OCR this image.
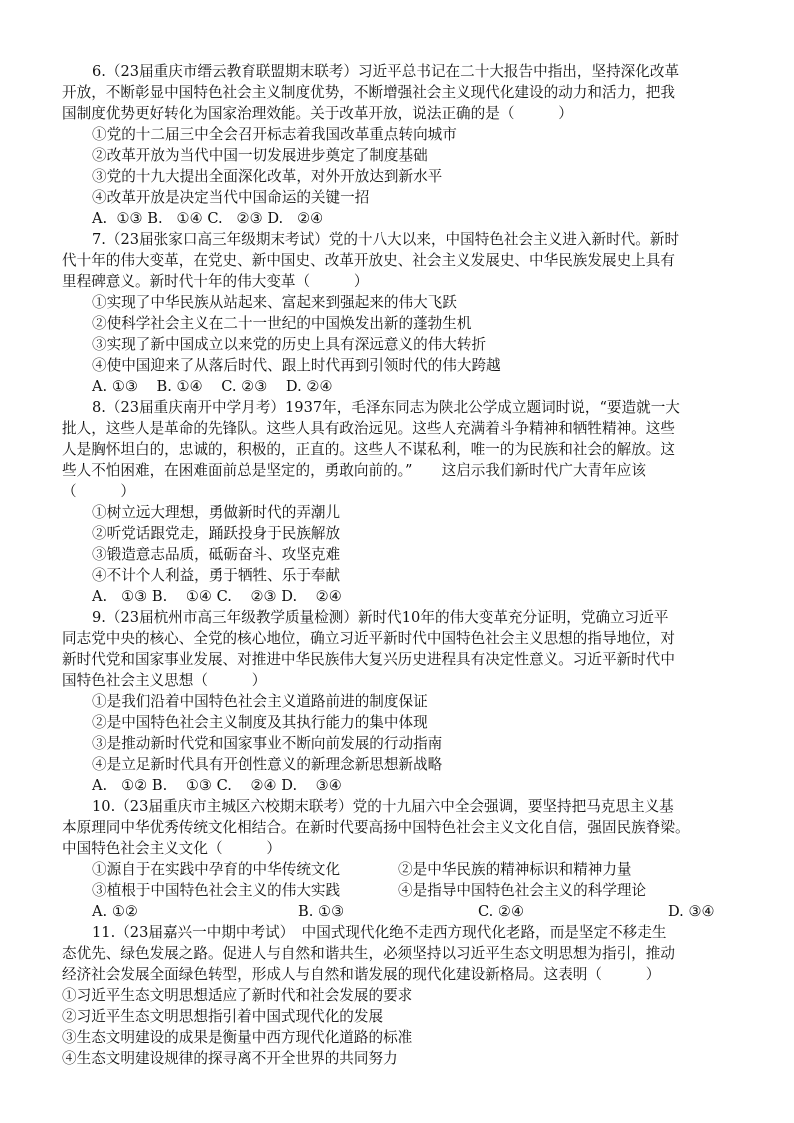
6.（23届重庆市缙云教育联盟期末联考）习近平总书记在二十大报告中指出，坚持深化改革
开放，不断彰显中国特色社会主义制度优势，不断增强社会主义现代化建设的动力和活力，把我
国制度优势更好转化为国家治理效能。关于改革开放，说法正确的是（　　　）
①党的十二届三中全会召开标志着我国改革重点转向城市
②改革开放为当代中国一切发展进步奠定了制度基础
③党的十九大提出全面深化改革，对外开放达到新水平
④改革开放是决定当代中国命运的关键一招
A.  ①③ B.   ①④ C.   ②③ D.   ②④
7.（23届张家口高三年级期末考试）党的十八大以来，中国特色社会主义进入新时代。新时
代十年的伟大变革，在党史、新中国史、改革开放史、社会主义发展史、中华民族发展史上具有
里程碑意义。新时代十年的伟大变革（　　　）
①实现了中华民族从站起来、富起来到强起来的伟大飞跃
②使科学社会主义在二十一世纪的中国焕发出新的蓬勃生机
③实现了新中国成立以来党的历史上具有深远意义的伟大转折
④使中国迎来了从落后时代、跟上时代再到引领时代的伟大跨越
A. ①③    B. ①④    C. ②③    D. ②④
8.（23届重庆南开中学月考）1937年，毛泽东同志为陕北公学成立题词时说，“要造就一大
批人，这些人是革命的先锋队。这些人具有政治远见。这些人充满着斗争精神和牺牲精神。这些
人是胸怀坦白的，忠诚的，积极的，正直的。这些人不谋私利，唯一的为民族和社会的解放。这
些人不怕困难，在困难面前总是坚定的，勇敢向前的。”　　这启示我们新时代广大青年应该
（　　　）
①树立远大理想，勇做新时代的弄潮儿
②听党话跟党走，踊跃投身于民族解放
③锻造意志品质，砥砺奋斗、攻坚克难
④不计个人利益，勇于牺牲、乐于奉献
A.   ①③ B.    ①④ C.    ②③ D.    ②④
9.（23届杭州市高三年级教学质量检测）新时代10年的伟大变革充分证明，党确立习近平
同志党中央的核心、全党的核心地位，确立习近平新时代中国特色社会主义思想的指导地位，对
新时代党和国家事业发展、对推进中华民族伟大复兴历史进程具有决定性意义。习近平新时代中
国特色社会主义思想（　　　）
①是我们沿着中国特色社会主义道路前进的制度保证
②是中国特色社会主义制度及其执行能力的集中体现
③是推动新时代党和国家事业不断向前发展的行动指南
④是立足新时代具有开创性意义的新理念新思想新战略
A.   ①② B.    ①③ C.    ②④ D.    ③④
10.（23届重庆市主城区六校期末联考）党的十九届六中全会强调，要坚持把马克思主义基
本原理同中华优秀传统文化相结合。在新时代要高扬中国特色社会主义文化自信，强固民族脊梁。
中国特色社会主义文化（　　　）
①源自于在实践中孕育的中华传统文化	②是中华民族的精神标识和精神力量
③植根于中国特色社会主义的伟大实践	④是指导中国特色社会主义的科学理论
A. ①②	B. ①③	C. ②④	D. ③④
11.（23届嘉兴一中期中考试）　中国式现代化绝不走西方现代化老路，而是坚定不移走生
态优先、绿色发展之路。促进人与自然和谐共生，必须坚持以习近平生态文明思想为指引，推动
经济社会发展全面绿色转型，形成人与自然和谐发展的现代化建设新格局。这表明（　　　）
①习近平生态文明思想适应了新时代和社会发展的要求
②习近平生态文明思想指引着中国式现代化的发展
③生态文明建设的成果是衡量中西方现代化道路的标准
④生态文明建设规律的探寻离不开全世界的共同努力
